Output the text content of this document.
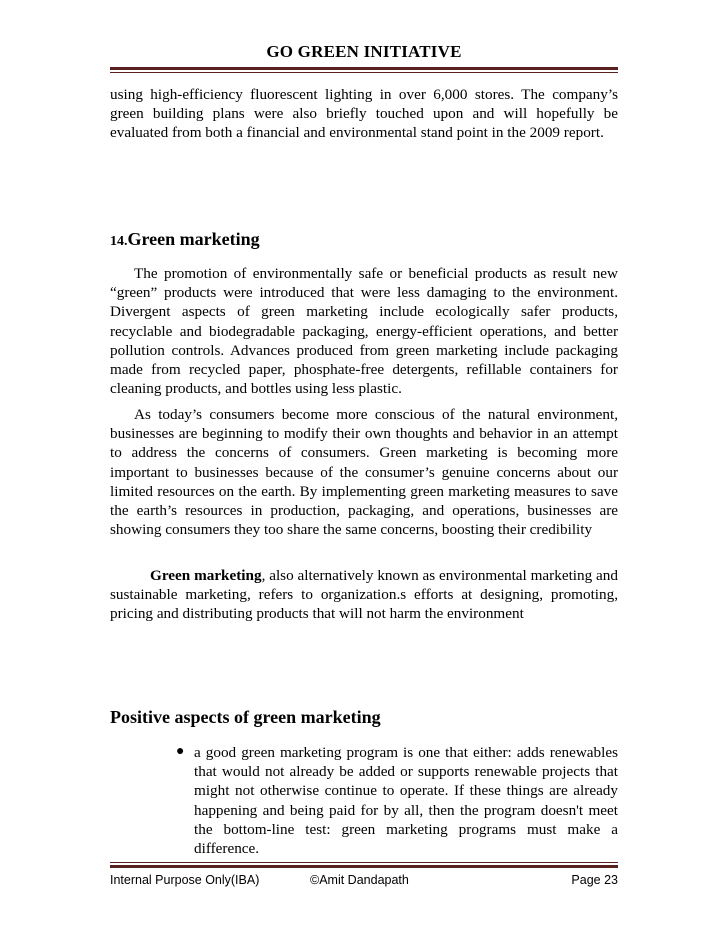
GO GREEN INITIATIVE
using high-efficiency fluorescent lighting in over 6,000 stores. The company’s green building plans were also briefly touched upon and will hopefully be evaluated from both a financial and environmental stand point in the 2009 report.
14.Green marketing
The promotion of environmentally safe or beneficial products as result new “green” products were introduced that were less damaging to the environment. Divergent aspects of green marketing include ecologically safer products, recyclable and biodegradable packaging, energy-efficient operations, and better pollution controls. Advances produced from green marketing include packaging made from recycled paper, phosphate-free detergents, refillable containers for cleaning products, and bottles using less plastic.
As today’s consumers become more conscious of the natural environment, businesses are beginning to modify their own thoughts and behavior in an attempt to address the concerns of consumers. Green marketing is becoming more important to businesses because of the consumer’s genuine concerns about our limited resources on the earth. By implementing green marketing measures to save the earth’s resources in production, packaging, and operations, businesses are showing consumers they too share the same concerns, boosting their credibility
Green marketing, also alternatively known as environmental marketing and sustainable marketing, refers to organization.s efforts at designing, promoting, pricing and distributing products that will not harm the environment
Positive aspects of green marketing
● a good green marketing program is one that either: adds renewables that would not already be added or supports renewable projects that might not otherwise continue to operate. If these things are already happening and being paid for by all, then the program doesn't meet the bottom-line test: green marketing programs must make a difference.
Internal Purpose Only(IBA)	©Amit Dandapath	Page 23
